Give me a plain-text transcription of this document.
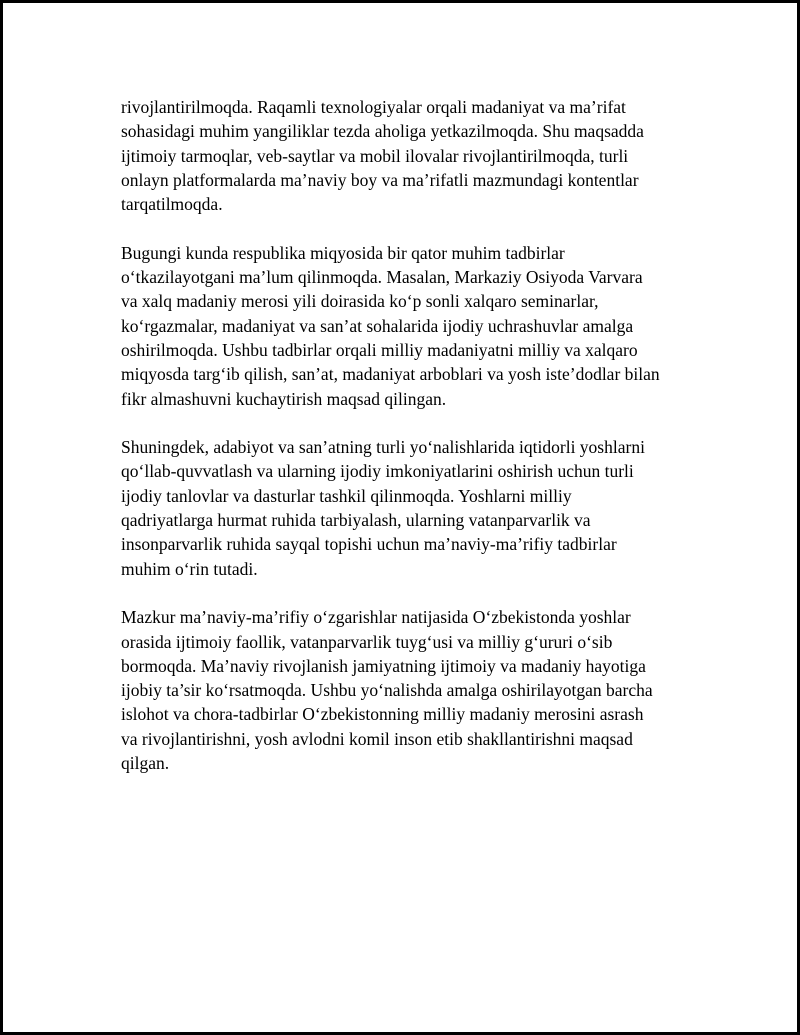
rivojlantirilmoqda. Raqamli texnologiyalar orqali madaniyat va ma’rifat
sohasidagi muhim yangiliklar tezda aholiga yetkazilmoqda. Shu maqsadda
ijtimoiy tarmoqlar, veb-saytlar va mobil ilovalar rivojlantirilmoqda, turli
onlayn platformalarda ma’naviy boy va ma’rifatli mazmundagi kontentlar
tarqatilmoqda.

Bugungi kunda respublika miqyosida bir qator muhim tadbirlar
o‘tkazilayotgani ma’lum qilinmoqda. Masalan, Markaziy Osiyoda Varvara
va xalq madaniy merosi yili doirasida ko‘p sonli xalqaro seminarlar,
ko‘rgazmalar, madaniyat va san’at sohalarida ijodiy uchrashuvlar amalga
oshirilmoqda. Ushbu tadbirlar orqali milliy madaniyatni milliy va xalqaro
miqyosda targ‘ib qilish, san’at, madaniyat arboblari va yosh iste’dodlar bilan
fikr almashuvni kuchaytirish maqsad qilingan.

Shuningdek, adabiyot va san’atning turli yo‘nalishlarida iqtidorli yoshlarni
qo‘llab-quvvatlash va ularning ijodiy imkoniyatlarini oshirish uchun turli
ijodiy tanlovlar va dasturlar tashkil qilinmoqda. Yoshlarni milliy
qadriyatlarga hurmat ruhida tarbiyalash, ularning vatanparvarlik va
insonparvarlik ruhida sayqal topishi uchun ma’naviy-ma’rifiy tadbirlar
muhim o‘rin tutadi.

Mazkur ma’naviy-ma’rifiy o‘zgarishlar natijasida O‘zbekistonda yoshlar
orasida ijtimoiy faollik, vatanparvarlik tuyg‘usi va milliy g‘ururi o‘sib
bormoqda. Ma’naviy rivojlanish jamiyatning ijtimoiy va madaniy hayotiga
ijobiy ta’sir ko‘rsatmoqda. Ushbu yo‘nalishda amalga oshirilayotgan barcha
islohot va chora-tadbirlar O‘zbekistonning milliy madaniy merosini asrash
va rivojlantirishni, yosh avlodni komil inson etib shakllantirishni maqsad
qilgan.
